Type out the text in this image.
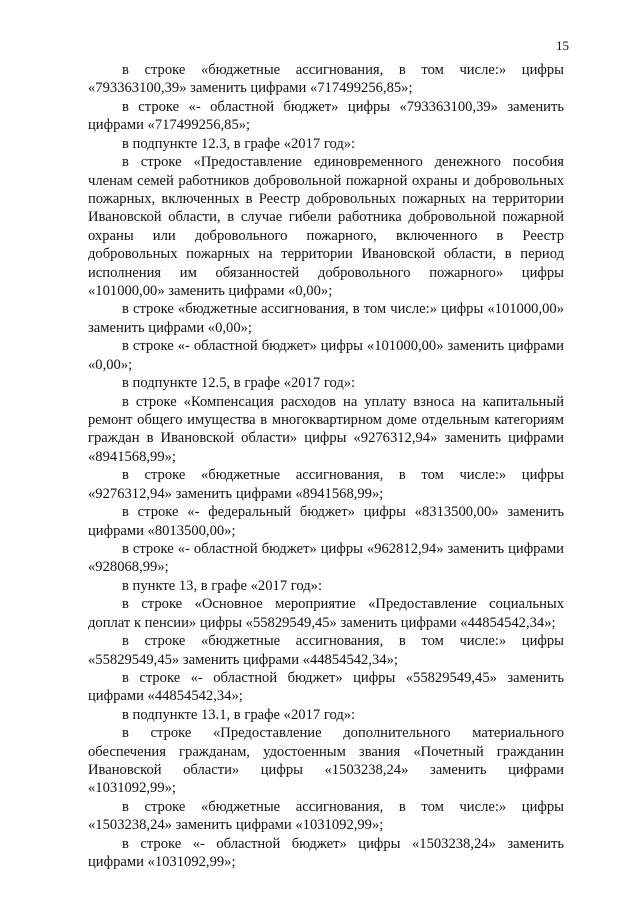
15

в строке «бюджетные ассигнования, в том числе:» цифры «793363100,39» заменить цифрами «717499256,85»;

в строке «- областной бюджет» цифры «793363100,39» заменить цифрами «717499256,85»;

в подпункте 12.3, в графе «2017 год»:

в строке «Предоставление единовременного денежного пособия членам семей работников добровольной пожарной охраны и добровольных пожарных, включенных в Реестр добровольных пожарных на территории Ивановской области, в случае гибели работника добровольной пожарной охраны или добровольного пожарного, включенного в Реестр добровольных пожарных на территории Ивановской области, в период исполнения им обязанностей добровольного пожарного» цифры «101000,00» заменить цифрами «0,00»;

в строке «бюджетные ассигнования, в том числе:» цифры «101000,00» заменить цифрами «0,00»;

в строке «- областной бюджет» цифры «101000,00» заменить цифрами «0,00»;

в подпункте 12.5, в графе «2017 год»:

в строке «Компенсация расходов на уплату взноса на капитальный ремонт общего имущества в многоквартирном доме отдельным категориям граждан в Ивановской области» цифры «9276312,94» заменить цифрами «8941568,99»;

в строке «бюджетные ассигнования, в том числе:» цифры «9276312,94» заменить цифрами «8941568,99»;

в строке «- федеральный бюджет» цифры «8313500,00» заменить цифрами «8013500,00»;

в строке «- областной бюджет» цифры «962812,94» заменить цифрами «928068,99»;

в пункте 13, в графе «2017 год»:

в строке «Основное мероприятие «Предоставление социальных доплат к пенсии» цифры «55829549,45» заменить цифрами «44854542,34»;

в строке «бюджетные ассигнования, в том числе:» цифры «55829549,45» заменить цифрами «44854542,34»;

в строке «- областной бюджет» цифры «55829549,45» заменить цифрами «44854542,34»;

в подпункте 13.1, в графе «2017 год»:

в строке «Предоставление дополнительного материального обеспечения гражданам, удостоенным звания «Почетный гражданин Ивановской области» цифры «1503238,24» заменить цифрами «1031092,99»;

в строке «бюджетные ассигнования, в том числе:» цифры «1503238,24» заменить цифрами «1031092,99»;

в строке «- областной бюджет» цифры «1503238,24» заменить цифрами «1031092,99»;
